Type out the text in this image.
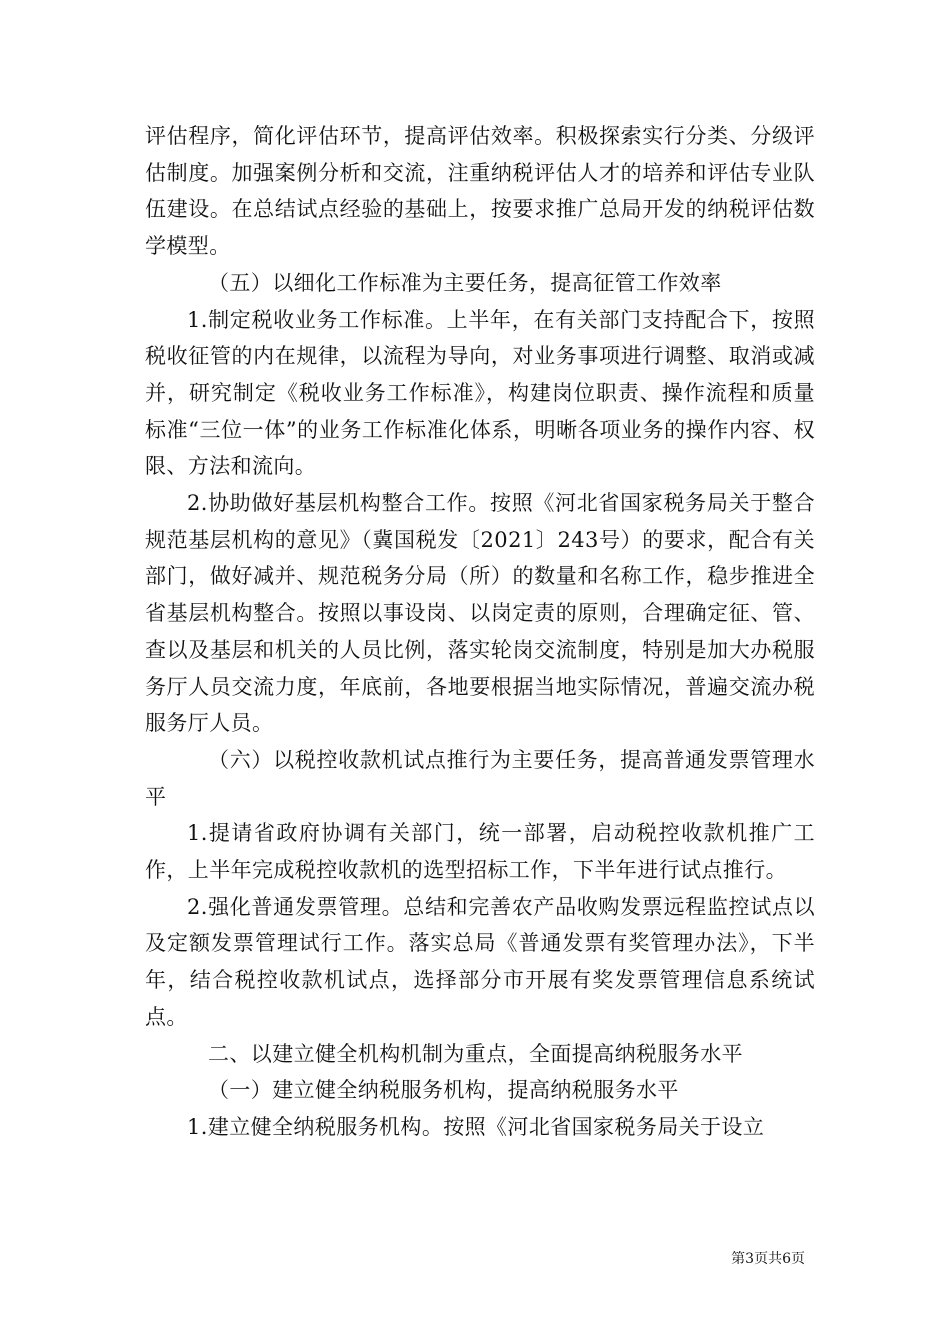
评估程序，简化评估环节，提高评估效率。积极探索实行分类、分级评估制度。加强案例分析和交流，注重纳税评估人才的培养和评估专业队伍建设。在总结试点经验的基础上，按要求推广总局开发的纳税评估数学模型。

（五）以细化工作标准为主要任务，提高征管工作效率

1.制定税收业务工作标准。上半年，在有关部门支持配合下，按照税收征管的内在规律，以流程为导向，对业务事项进行调整、取消或减并，研究制定《税收业务工作标准》，构建岗位职责、操作流程和质量标准“三位一体”的业务工作标准化体系，明晰各项业务的操作内容、权限、方法和流向。

2.协助做好基层机构整合工作。按照《河北省国家税务局关于整合规范基层机构的意见》（冀国税发〔2021〕243号）的要求，配合有关部门，做好减并、规范税务分局（所）的数量和名称工作，稳步推进全省基层机构整合。按照以事设岗、以岗定责的原则，合理确定征、管、查以及基层和机关的人员比例，落实轮岗交流制度，特别是加大办税服务厅人员交流力度，年底前，各地要根据当地实际情况，普遍交流办税服务厅人员。

（六）以税控收款机试点推行为主要任务，提高普通发票管理水平

1.提请省政府协调有关部门，统一部署，启动税控收款机推广工作，上半年完成税控收款机的选型招标工作，下半年进行试点推行。

2.强化普通发票管理。总结和完善农产品收购发票远程监控试点以及定额发票管理试行工作。落实总局《普通发票有奖管理办法》，下半年，结合税控收款机试点，选择部分市开展有奖发票管理信息系统试点。

二、以建立健全机构机制为重点，全面提高纳税服务水平

（一）建立健全纳税服务机构，提高纳税服务水平

1.建立健全纳税服务机构。按照《河北省国家税务局关于设立

第3页共6页
